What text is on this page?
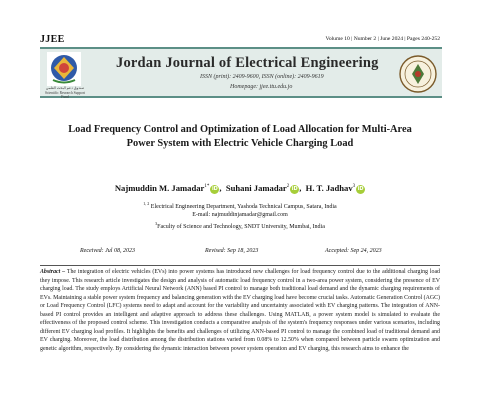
JJEE	Volume 10 | Number 2 | June 2024 | Pages 240-252
صندوق دعم البحث العلمي
Scientific Research Support Fund
Jordan Journal of Electrical Engineering
ISSN (print): 2409-9600, ISSN (online): 2409-9619
Homepage: jjee.ttu.edu.jo
Load Frequency Control and Optimization of Load Allocation for Multi-Area Power System with Electric Vehicle Charging Load
Najmuddin M. Jamadar$^{1*}$ iD ,  Suhani Jamadar$^2$ iD ,  H. T. Jadhav$^3$ iD
$^{1, 2}$ Electrical Engineering Department, Yashoda Technical Campus, Satara, India
E-mail: najmuddinjamadar@gmail.com
$^3$Faculty of Science and Technology, SNDT University, Mumbai, India
Received: Jul 08, 2023	Revised: Sep 18, 2023	Accepted: Sep 24, 2023
Abstract – The integration of electric vehicles (EVs) into power systems has introduced new challenges for load frequency control due to the additional charging load they impose. This research article investigates the design and analysis of automatic load frequency control in a two-area power system, considering the presence of EV charging load. The study employs Artificial Neural Network (ANN) based PI control to manage both traditional load demand and the dynamic charging requirements of EVs. Maintaining a stable power system frequency and balancing generation with the EV charging load have become crucial tasks. Automatic Generation Control (AGC) or Load Frequency Control (LFC) systems need to adapt and account for the variability and uncertainty associated with EV charging patterns. The integration of ANN-based PI control provides an intelligent and adaptive approach to address these challenges. Using MATLAB, a power system model is simulated to evaluate the effectiveness of the proposed control scheme. This investigation conducts a comparative analysis of the system's frequency responses under various scenarios, including different EV charging load profiles. It highlights the benefits and challenges of utilizing ANN-based PI control to manage the combined load of traditional demand and EV charging. Moreover, the load distribution among the distribution stations varied from 0.08% to 12.50% when compared between particle swarm optimization and genetic algorithm, respectively. By considering the dynamic interaction between power system operation and EV charging, this research aims to enhance the
